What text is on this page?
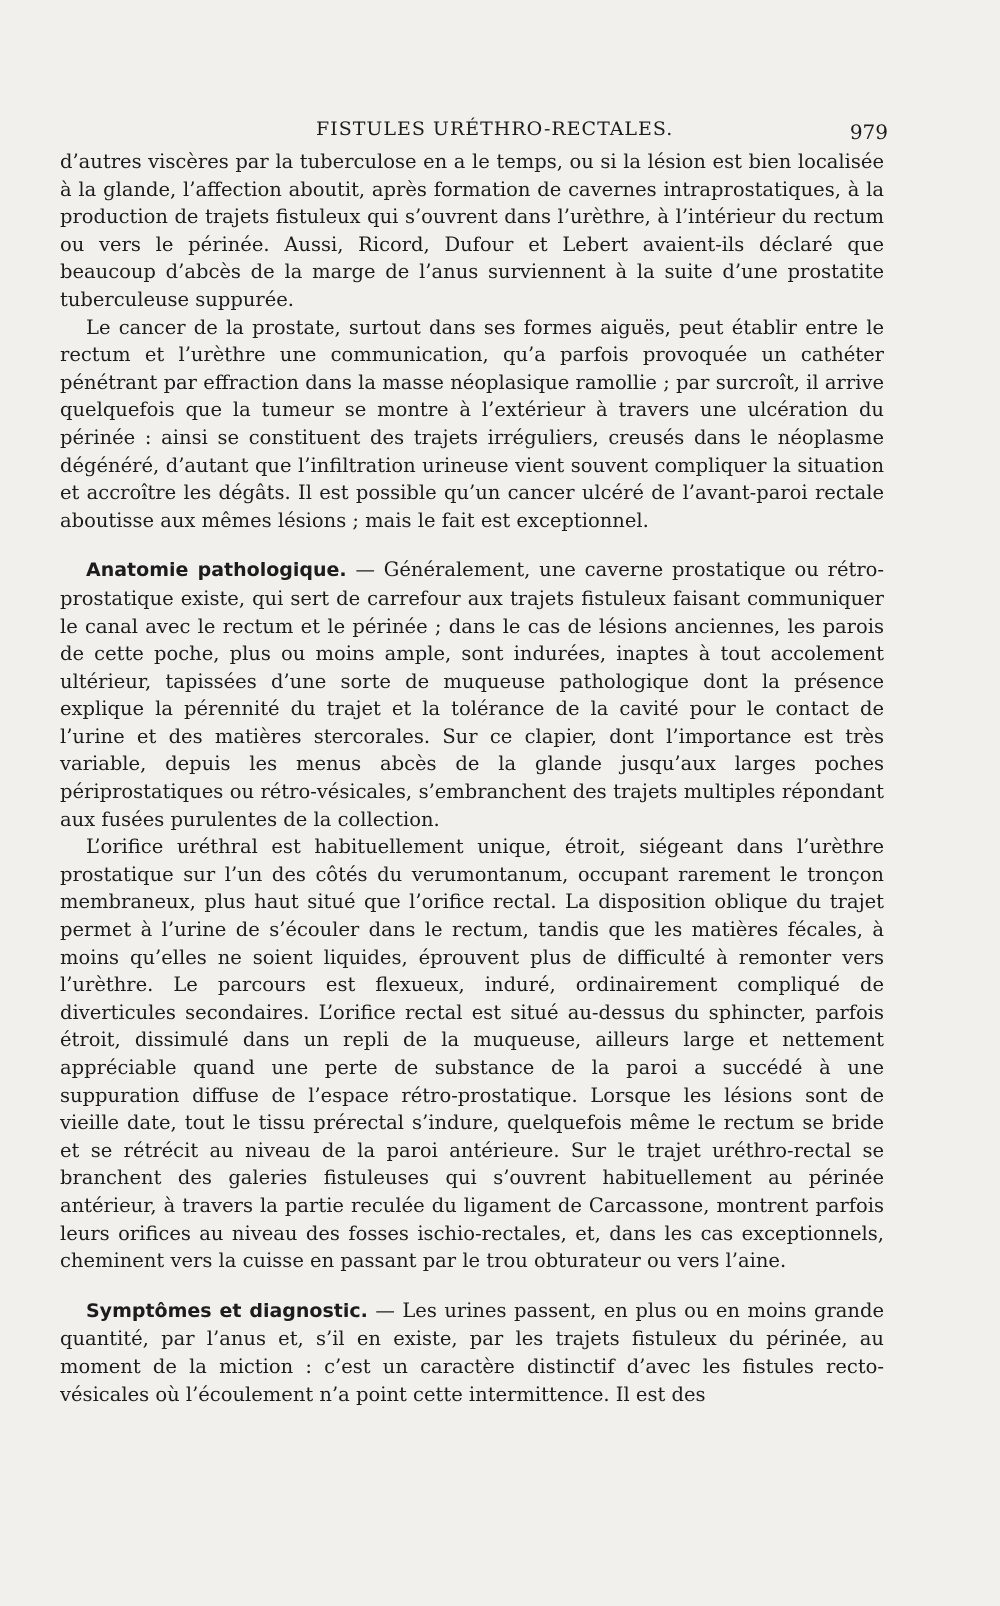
FISTULES URÉTHRO-RECTALES.	979

d’autres viscères par la tuberculose en a le temps, ou si la lésion est bien localisée à la glande, l’affection aboutit, après formation de cavernes intraprostatiques, à la production de trajets fistuleux qui s’ouvrent dans l’urèthre, à l’intérieur du rectum ou vers le périnée. Aussi, Ricord, Dufour et Lebert avaient-ils déclaré que beaucoup d’abcès de la marge de l’anus surviennent à la suite d’une prostatite tuberculeuse suppurée.

Le cancer de la prostate, surtout dans ses formes aiguës, peut établir entre le rectum et l’urèthre une communication, qu’a parfois provoquée un cathéter pénétrant par effraction dans la masse néoplasique ramollie ; par surcroît, il arrive quelquefois que la tumeur se montre à l’extérieur à travers une ulcération du périnée : ainsi se constituent des trajets irréguliers, creusés dans le néoplasme dégénéré, d’autant que l’infiltration urineuse vient souvent compliquer la situation et accroître les dégâts. Il est possible qu’un cancer ulcéré de l’avant-paroi rectale aboutisse aux mêmes lésions ; mais le fait est exceptionnel.

Anatomie pathologique. — Généralement, une caverne prostatique ou rétro-prostatique existe, qui sert de carrefour aux trajets fistuleux faisant communiquer le canal avec le rectum et le périnée ; dans le cas de lésions anciennes, les parois de cette poche, plus ou moins ample, sont indurées, inaptes à tout accolement ultérieur, tapissées d’une sorte de muqueuse pathologique dont la présence explique la pérennité du trajet et la tolérance de la cavité pour le contact de l’urine et des matières stercorales. Sur ce clapier, dont l’importance est très variable, depuis les menus abcès de la glande jusqu’aux larges poches périprostatiques ou rétro-vésicales, s’embranchent des trajets multiples répondant aux fusées purulentes de la collection.

L’orifice uréthral est habituellement unique, étroit, siégeant dans l’urèthre prostatique sur l’un des côtés du verumontanum, occupant rarement le tronçon membraneux, plus haut situé que l’orifice rectal. La disposition oblique du trajet permet à l’urine de s’écouler dans le rectum, tandis que les matières fécales, à moins qu’elles ne soient liquides, éprouvent plus de difficulté à remonter vers l’urèthre. Le parcours est flexueux, induré, ordinairement compliqué de diverticules secondaires. L’orifice rectal est situé au-dessus du sphincter, parfois étroit, dissimulé dans un repli de la muqueuse, ailleurs large et nettement appréciable quand une perte de substance de la paroi a succédé à une suppuration diffuse de l’espace rétro-prostatique. Lorsque les lésions sont de vieille date, tout le tissu prérectal s’indure, quelquefois même le rectum se bride et se rétrécit au niveau de la paroi antérieure. Sur le trajet uréthro-rectal se branchent des galeries fistuleuses qui s’ouvrent habituellement au périnée antérieur, à travers la partie reculée du ligament de Carcassone, montrent parfois leurs orifices au niveau des fosses ischio-rectales, et, dans les cas exceptionnels, cheminent vers la cuisse en passant par le trou obturateur ou vers l’aine.

Symptômes et diagnostic. — Les urines passent, en plus ou en moins grande quantité, par l’anus et, s’il en existe, par les trajets fistuleux du périnée, au moment de la miction : c’est un caractère distinctif d’avec les fistules recto-vésicales où l’écoulement n’a point cette intermittence. Il est des
